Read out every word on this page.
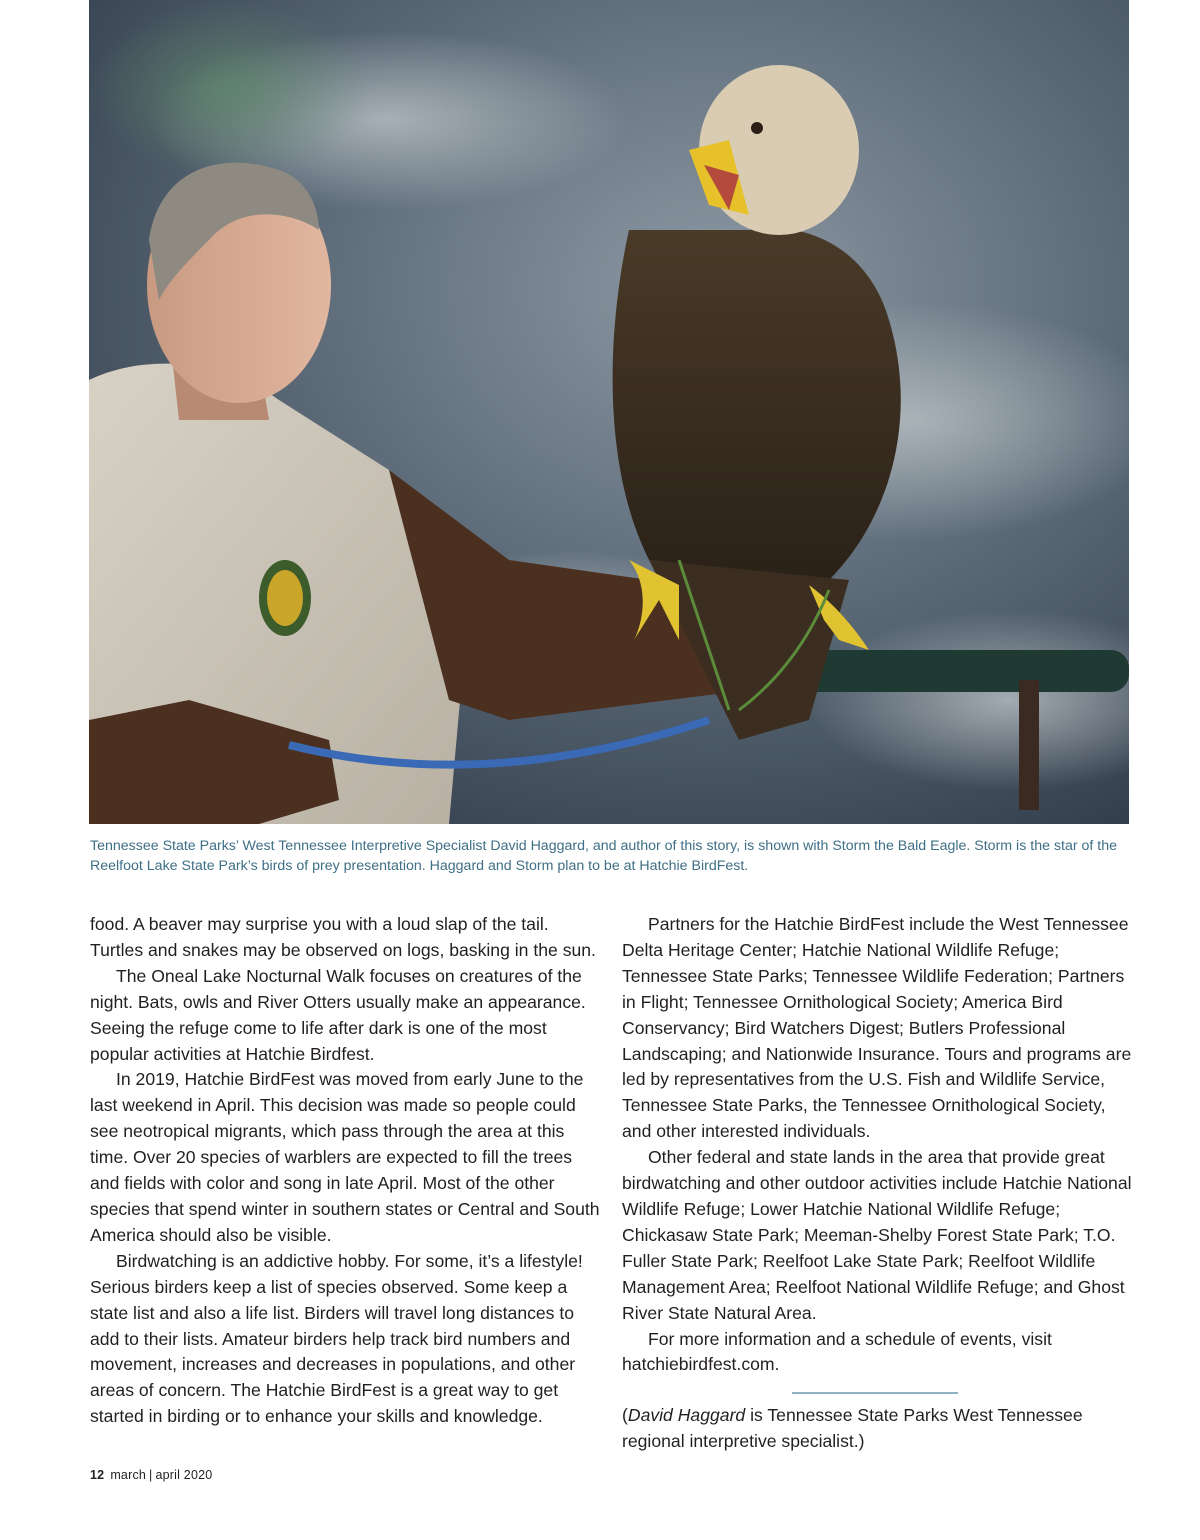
Tennessee State Parks’ West Tennessee Interpretive Specialist David Haggard, and author of this story, is shown with Storm the Bald Eagle. Storm is the star of the Reelfoot Lake State Park’s birds of prey presentation. Haggard and Storm plan to be at Hatchie BirdFest.

food. A beaver may surprise you with a loud slap of the tail. Turtles and snakes may be observed on logs, basking in the sun.

The Oneal Lake Nocturnal Walk focuses on creatures of the night. Bats, owls and River Otters usually make an appearance. Seeing the refuge come to life after dark is one of the most popular activities at Hatchie Birdfest.

In 2019, Hatchie BirdFest was moved from early June to the last weekend in April. This decision was made so people could see neotropical migrants, which pass through the area at this time. Over 20 species of warblers are expected to fill the trees and fields with color and song in late April. Most of the other species that spend winter in southern states or Central and South America should also be visible.

Birdwatching is an addictive hobby. For some, it’s a lifestyle! Serious birders keep a list of species observed. Some keep a state list and also a life list. Birders will travel long distances to add to their lists. Amateur birders help track bird numbers and movement, increases and decreases in populations, and other areas of concern. The Hatchie BirdFest is a great way to get started in birding or to enhance your skills and knowledge.

Partners for the Hatchie BirdFest include the West Tennessee Delta Heritage Center; Hatchie National Wildlife Refuge; Tennessee State Parks; Tennessee Wildlife Federation; Partners in Flight; Tennessee Ornithological Society; America Bird Conservancy; Bird Watchers Digest; Butlers Professional Landscaping; and Nationwide Insurance. Tours and programs are led by representatives from the U.S. Fish and Wildlife Service, Tennessee State Parks, the Tennessee Ornithological Society, and other interested individuals.

Other federal and state lands in the area that provide great birdwatching and other outdoor activities include Hatchie National Wildlife Refuge; Lower Hatchie National Wildlife Refuge; Chickasaw State Park; Meeman-Shelby Forest State Park; T.O. Fuller State Park; Reelfoot Lake State Park; Reelfoot Wildlife Management Area; Reelfoot National Wildlife Refuge; and Ghost River State Natural Area.

For more information and a schedule of events, visit hatchiebirdfest.com.

(David Haggard is Tennessee State Parks West Tennessee regional interpretive specialist.)

12 march | april 2020
